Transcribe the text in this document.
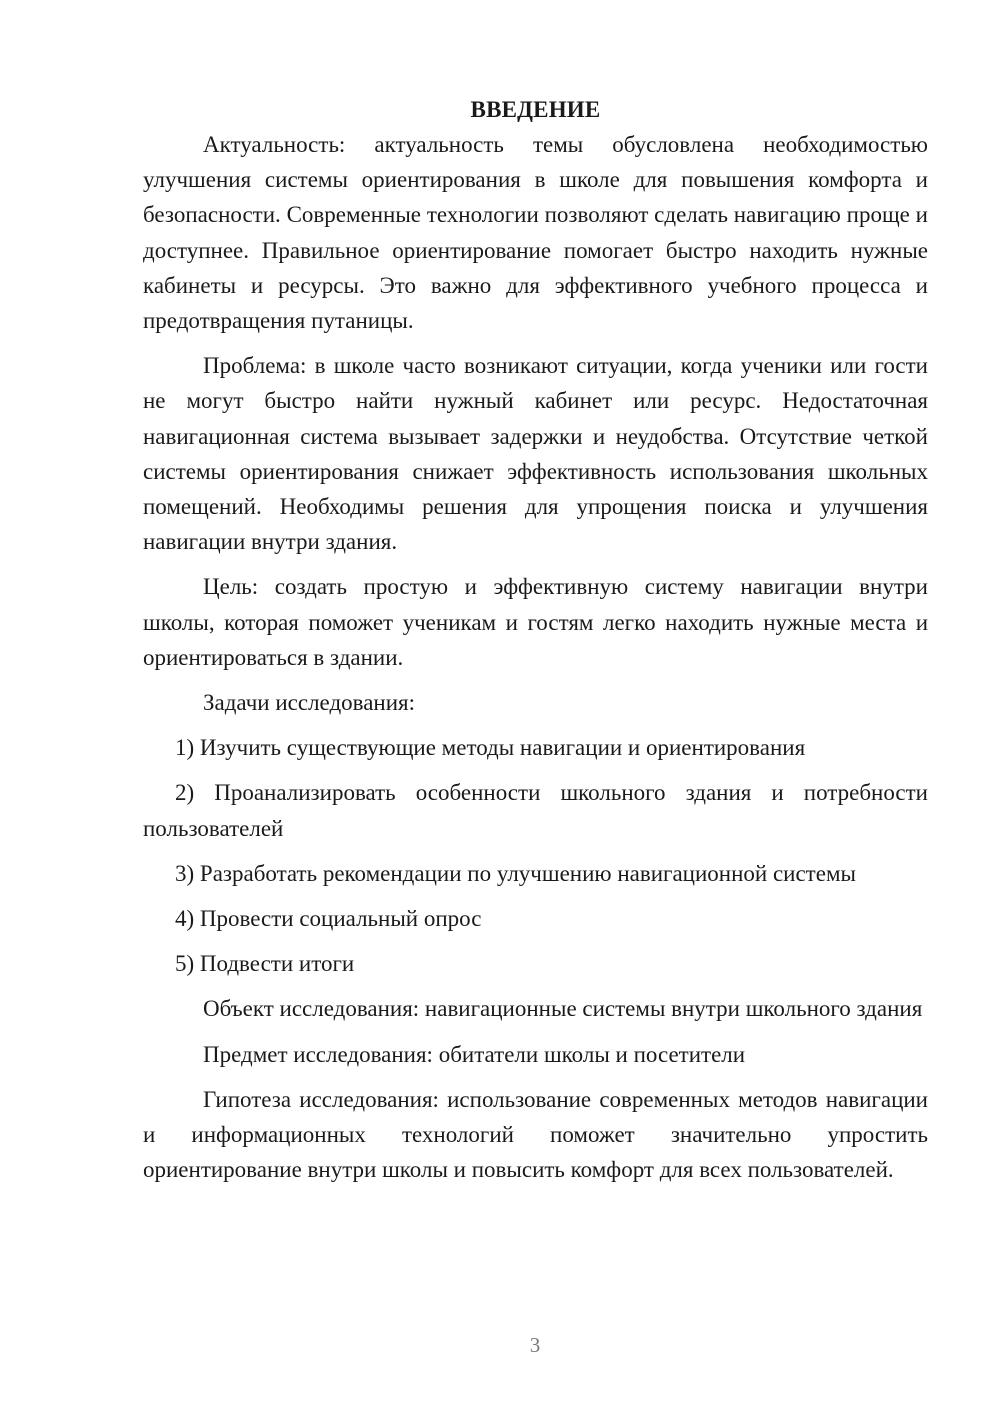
ВВЕДЕНИЕ

Актуальность: актуальность темы обусловлена необходимостью улучшения системы ориентирования в школе для повышения комфорта и безопасности. Современные технологии позволяют сделать навигацию проще и доступнее. Правильное ориентирование помогает быстро находить нужные кабинеты и ресурсы. Это важно для эффективного учебного процесса и предотвращения путаницы.

Проблема: в школе часто возникают ситуации, когда ученики или гости не могут быстро найти нужный кабинет или ресурс. Недостаточная навигационная система вызывает задержки и неудобства. Отсутствие четкой системы ориентирования снижает эффективность использования школьных помещений. Необходимы решения для упрощения поиска и улучшения навигации внутри здания.

Цель: создать простую и эффективную систему навигации внутри школы, которая поможет ученикам и гостям легко находить нужные места и ориентироваться в здании.

Задачи исследования:

1) Изучить существующие методы навигации и ориентирования

2) Проанализировать особенности школьного здания и потребности пользователей

3) Разработать рекомендации по улучшению навигационной системы

4) Провести социальный опрос

5) Подвести итоги

Объект исследования: навигационные системы внутри школьного здания

Предмет исследования: обитатели школы и посетители

Гипотеза исследования: использование современных методов навигации и информационных технологий поможет значительно упростить ориентирование внутри школы и повысить комфорт для всех пользователей.

3
